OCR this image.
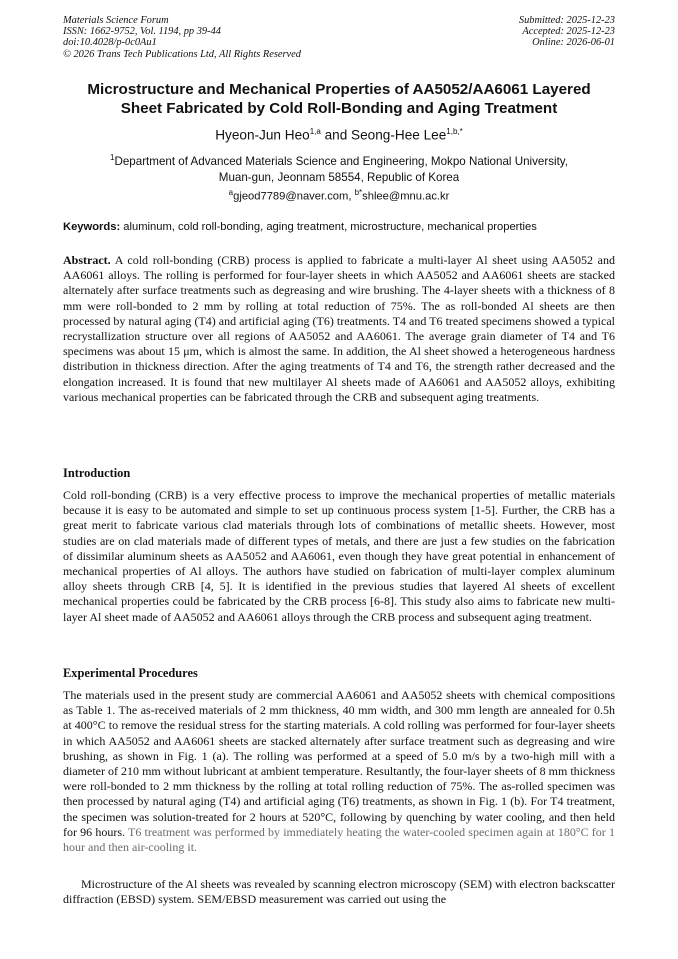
Materials Science Forum
ISSN: 1662-9752, Vol. 1194, pp 39-44
doi:10.4028/p-0c0Au1
© 2026 Trans Tech Publications Ltd, All Rights Reserved
Submitted: 2025-12-23
Accepted: 2025-12-23
Online: 2026-06-01
Microstructure and Mechanical Properties of AA5052/AA6061 Layered
Sheet Fabricated by Cold Roll-Bonding and Aging Treatment
Hyeon-Jun Heo$^{1,a}$ and Seong-Hee Lee$^{1,b,*}$
$^1$Department of Advanced Materials Science and Engineering, Mokpo National University,
Muan-gun, Jeonnam 58554, Republic of Korea
$^a$gjeod7789@naver.com, $^{b*}$shlee@mnu.ac.kr
Keywords: aluminum, cold roll-bonding, aging treatment, microstructure, mechanical properties

Abstract. A cold roll-bonding (CRB) process is applied to fabricate a multi-layer Al sheet using AA5052 and AA6061 alloys. The rolling is performed for four-layer sheets in which AA5052 and AA6061 sheets are stacked alternately after surface treatments such as degreasing and wire brushing. The 4-layer sheets with a thickness of 8 mm were roll-bonded to 2 mm by rolling at total reduction of 75%. The as roll-bonded Al sheets are then processed by natural aging (T4) and artificial aging (T6) treatments. T4 and T6 treated specimens showed a typical recrystallization structure over all regions of AA5052 and AA6061. The average grain diameter of T4 and T6 specimens was about 15 μm, which is almost the same. In addition, the Al sheet showed a heterogeneous hardness distribution in thickness direction. After the aging treatments of T4 and T6, the strength rather decreased and the elongation increased. It is found that new multilayer Al sheets made of AA6061 and AA5052 alloys, exhibiting various mechanical properties can be fabricated through the CRB and subsequent aging treatments.

Introduction

Cold roll-bonding (CRB) is a very effective process to improve the mechanical properties of metallic materials because it is easy to be automated and simple to set up continuous process system [1-5]. Further, the CRB has a great merit to fabricate various clad materials through lots of combinations of metallic sheets. However, most studies are on clad materials made of different types of metals, and there are just a few studies on the fabrication of dissimilar aluminum sheets as AA5052 and AA6061, even though they have great potential in enhancement of mechanical properties of Al alloys. The authors have studied on fabrication of multi-layer complex aluminum alloy sheets through CRB [4, 5]. It is identified in the previous studies that layered Al sheets of excellent mechanical properties could be fabricated by the CRB process [6-8]. This study also aims to fabricate new multi-layer Al sheet made of AA5052 and AA6061 alloys through the CRB process and subsequent aging treatment.

Experimental Procedures

The materials used in the present study are commercial AA6061 and AA5052 sheets with chemical compositions as Table 1. The as-received materials of 2 mm thickness, 40 mm width, and 300 mm length are annealed for 0.5h at 400°C to remove the residual stress for the starting materials. A cold rolling was performed for four-layer sheets in which AA5052 and AA6061 sheets are stacked alternately after surface treatment such as degreasing and wire brushing, as shown in Fig. 1 (a). The rolling was performed at a speed of 5.0 m/s by a two-high mill with a diameter of 210 mm without lubricant at ambient temperature. Resultantly, the four-layer sheets of 8 mm thickness were roll-bonded to 2 mm thickness by the rolling at total rolling reduction of 75%. The as-rolled specimen was then processed by natural aging (T4) and artificial aging (T6) treatments, as shown in Fig. 1 (b). For T4 treatment, the specimen was solution-treated for 2 hours at 520°C, following by quenching by water cooling, and then held for 96 hours. T6 treatment was performed by immediately heating the water-cooled specimen again at 180°C for 1 hour and then air-cooling it.

Microstructure of the Al sheets was revealed by scanning electron microscopy (SEM) with electron backscatter diffraction (EBSD) system. SEM/EBSD measurement was carried out using the
